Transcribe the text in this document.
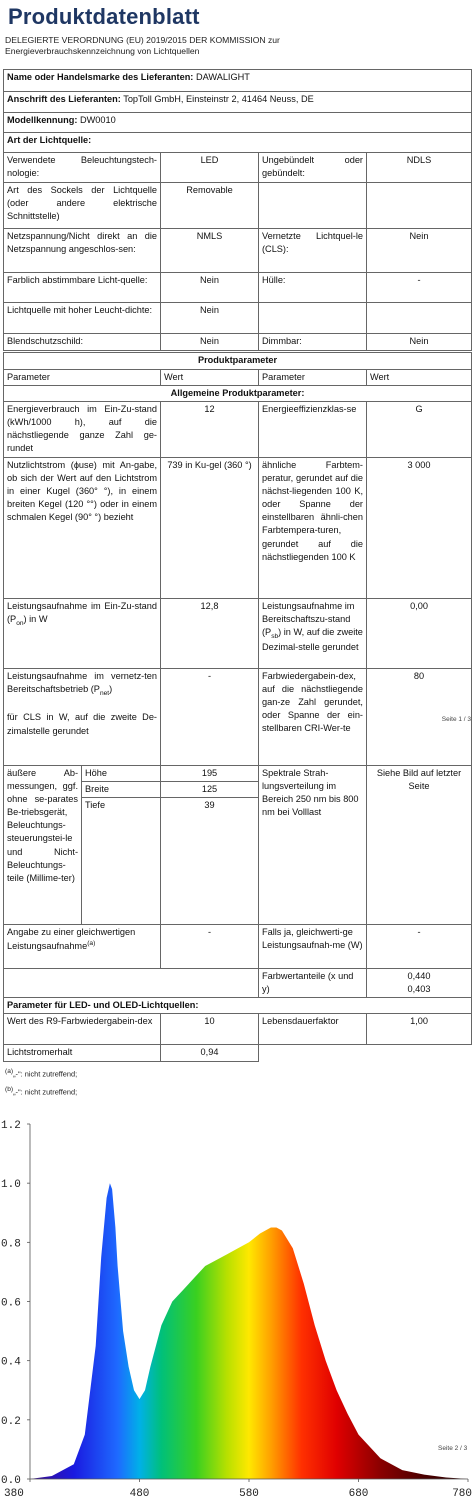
Produktdatenblatt
DELEGIERTE VERORDNUNG (EU) 2019/2015 DER KOMMISSION zur
Energieverbrauchskennzeichnung von Lichtquellen
Name oder Handelsmarke des Lieferanten: DAWALIGHT
Anschrift des Lieferanten: TopToll GmbH, Einsteinstr 2, 41464 Neuss, DE
Modellkennung: DW0010
Art der Lichtquelle:
Verwendete Beleuchtungstech-nologie:	LED	Ungebündelt oder gebündelt:	NDLS
Art des Sockels der Lichtquelle (oder andere elektrische Schnittstelle)	Removable		
Netzspannung/Nicht direkt an die Netzspannung angeschlos-sen:	NMLS	Vernetzte Lichtquel-le (CLS):	Nein
Farblich abstimmbare Licht-quelle:	Nein	Hülle:	-
Lichtquelle mit hoher Leucht-dichte:	Nein		
Blendschutzschild:	Nein	Dimmbar:	Nein
Produktparameter				
Parameter		Wert	Parameter	Wert
Allgemeine Produktparameter:				
Energieverbrauch im Ein-Zu-stand (kWh/1000 h), auf die nächstliegende ganze Zahl ge-rundet		12	Energieeffizienzklas-se	G
Nutzlichtstrom (ɸuse) mit An-gabe, ob sich der Wert auf den Lichtstrom in einer Kugel (360° °), in einem breiten Kegel (120 °°) oder in einem schmalen Kegel (90° °) bezieht		739 in Ku-gel (360 °)	ähnliche Farbtem-peratur, gerundet auf die nächst-liegenden 100 K, oder Spanne der einstellbaren ähnli-chen Farbtempera-turen, gerundet auf die nächstliegenden 100 K	3 000
Leistungsaufnahme im Ein-Zu-stand $(P_{on})$ in W		12,8	Leistungsaufnahme im Bereitschaftszu-stand $(P_{sb})$ in W, auf die zweite Dezimal-stelle gerundet	0,00
Leistungsaufnahme im vernetz-ten Bereitschaftsbetrieb $(P_{net})$

für CLS in W, auf die zweite De-zimalstelle gerundet		-	Farbwiedergabein-dex, auf die nächstliegende gan-ze Zahl gerundet, oder Spanne der ein-stellbaren CRI-Wer-te	80
Seite 1 / 3

äußere Ab-messungen, ggf. ohne se-parates Be-triebsgerät, Beleuchtungs-steuerungstei-le und Nicht-Beleuchtungs-teile (Millime-ter)	Höhe	195	Spektrale Strah-lungsverteilung im Bereich 250 nm bis 800 nm bei Volllast	Siehe Bild auf letzter Seite
	Breite	125		
	Tiefe	39		
Angabe zu einer gleichwertigen Leistungsaufnahme$^{(a)}$		-	Falls ja, gleichwerti-ge Leistungsaufnah-me (W)	-
			Farbwertanteile (x und y)	0,440
0,403

Parameter für LED- und OLED-Lichtquellen:				
Wert des R9-Farbwiedergabein-dex		10	Lebensdauerfaktor	1,00
Lichtstromerhalt		0,94		
(a)„-": nicht zutreffend;
(b)„-": nicht zutreffend;
0.0
0.2
0.4
0.6
0.8
1.0
1.2
380	480	580	680	780
Seite 2 / 3
